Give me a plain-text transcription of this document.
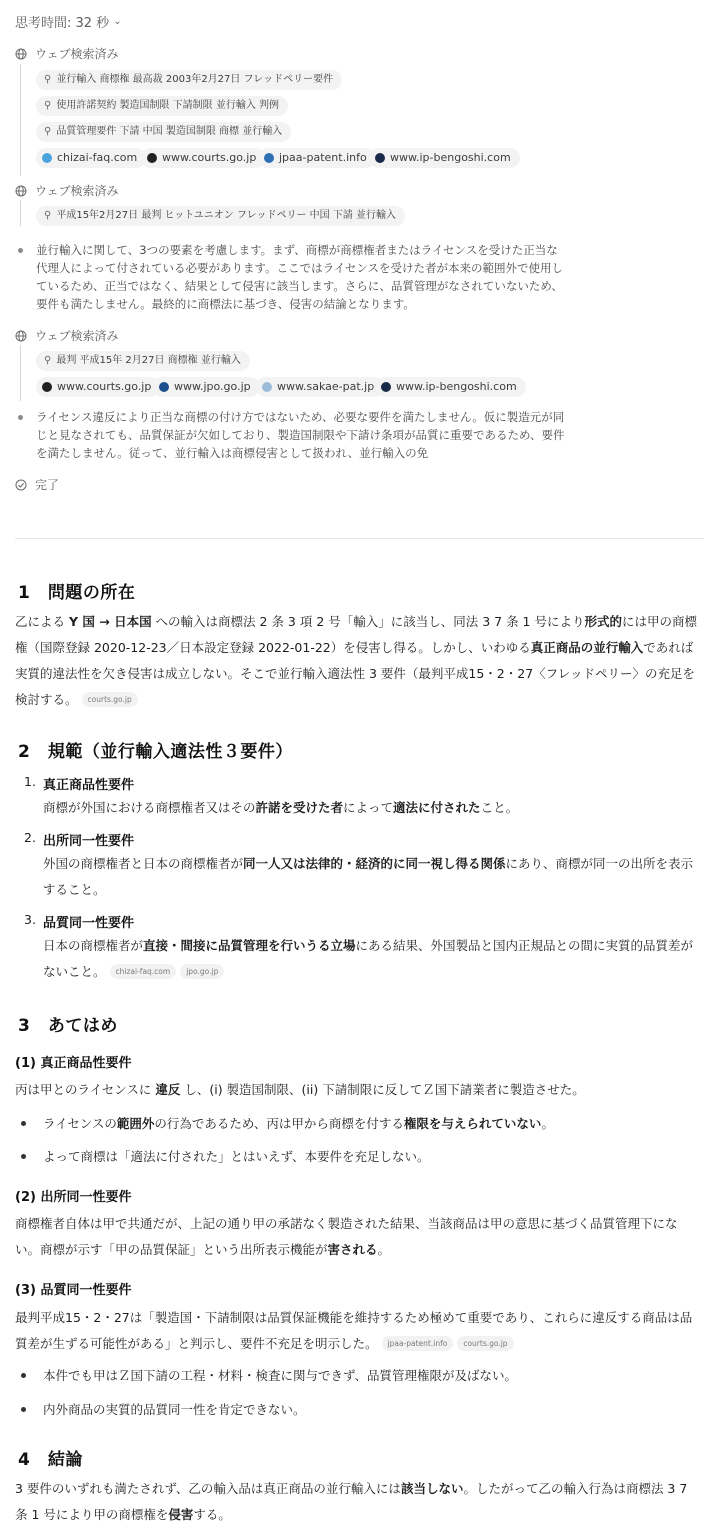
思考時間: 32 秒 ⌄
ウェブ検索済み
⚲ 並行輸入 商標権 最高裁 2003年2月27日 フレッドペリー要件
⚲ 使用許諾契約 製造国制限 下請制限 並行輸入 判例
⚲ 品質管理要件 下請 中国 製造国制限 商標 並行輸入
chizai-faq.com www.courts.go.jp jpaa-patent.info www.ip-bengoshi.com
ウェブ検索済み
⚲ 平成15年2月27日 最判 ヒットユニオン フレッドペリー 中国 下請 並行輸入
並行輸入に関して、3つの要素を考慮します。まず、商標が商標権者またはライセンスを受けた正当な代理人によって付されている必要があります。ここではライセンスを受けた者が本来の範囲外で使用しているため、正当ではなく、結果として侵害に該当します。さらに、品質管理がなされていないため、要件も満たしません。最終的に商標法に基づき、侵害の結論となります。
ウェブ検索済み
⚲ 最判 平成15年 2月27日 商標権 並行輸入
www.courts.go.jp www.jpo.go.jp www.sakae-pat.jp www.ip-bengoshi.com
ライセンス違反により正当な商標の付け方ではないため、必要な要件を満たしません。仮に製造元が同じと見なされても、品質保証が欠如しており、製造国制限や下請け条項が品質に重要であるため、要件を満たしません。従って、並行輸入は商標侵害として扱われ、並行輸入の免
完了
1　問題の所在
乙による Y 国 → 日本国 への輸入は商標法 2 条 3 項 2 号「輸入」に該当し、同法 3 7 条 1 号により形式的には甲の商標権（国際登録 2020-12-23／日本設定登録 2022-01-22）を侵害し得る。しかし、いわゆる真正商品の並行輸入であれば実質的違法性を欠き侵害は成立しない。そこで並行輸入適法性 3 要件（最判平成15・2・27〈フレッドペリー〉の充足を検討する。 courts.go.jp
2　規範（並行輸入適法性３要件）
1. 真正商品性要件
商標が外国における商標権者又はその許諾を受けた者によって適法に付されたこと。
2. 出所同一性要件
外国の商標権者と日本の商標権者が同一人又は法律的・経済的に同一視し得る関係にあり、商標が同一の出所を表示すること。
3. 品質同一性要件
日本の商標権者が直接・間接に品質管理を行いうる立場にある結果、外国製品と国内正規品との間に実質的品質差がないこと。 chizai-faq.com jpo.go.jp
3　あてはめ
(1) 真正商品性要件
丙は甲とのライセンスに 違反 し、(i) 製造国制限、(ii) 下請制限に反してＺ国下請業者に製造させた。
ライセンスの範囲外の行為であるため、丙は甲から商標を付する権限を与えられていない。
よって商標は「適法に付された」とはいえず、本要件を充足しない。
(2) 出所同一性要件
商標権者自体は甲で共通だが、上記の通り甲の承諾なく製造された結果、当該商品は甲の意思に基づく品質管理下にない。商標が示す「甲の品質保証」という出所表示機能が害される。
(3) 品質同一性要件
最判平成15・2・27は「製造国・下請制限は品質保証機能を維持するため極めて重要であり、これらに違反する商品は品質差が生ずる可能性がある」と判示し、要件不充足を明示した。 jpaa-patent.info courts.go.jp
本件でも甲はＺ国下請の工程・材料・検査に関与できず、品質管理権限が及ばない。
内外商品の実質的品質同一性を肯定できない。
4　結論
3 要件のいずれも満たされず、乙の輸入品は真正商品の並行輸入には該当しない。したがって乙の輸入行為は商標法 3 7 条 1 号により甲の商標権を侵害する。
